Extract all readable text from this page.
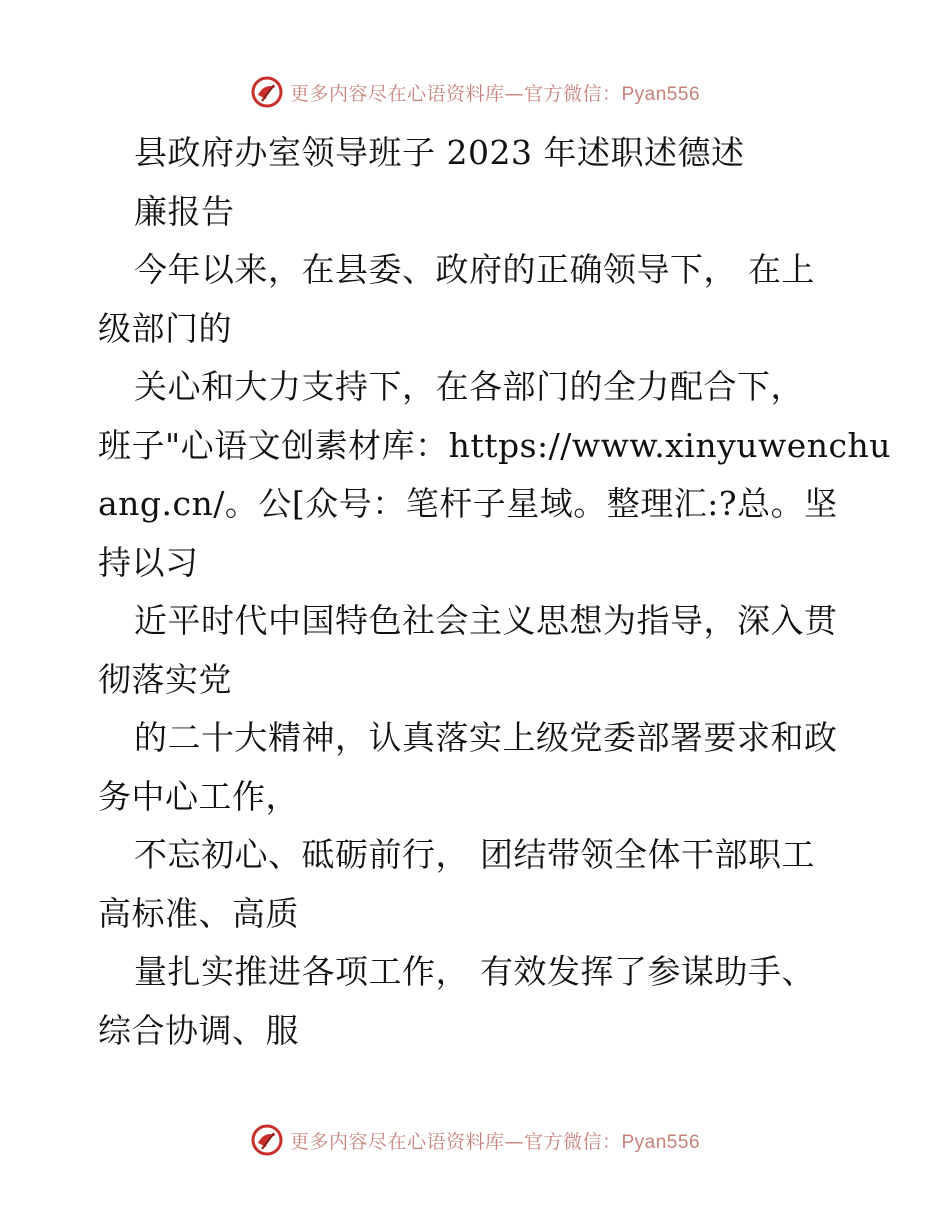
更多内容尽在心语资料库—官方微信：Pyan556
县政府办室领导班子 2023 年述职述德述
廉报告
今年以来，在县委、政府的正确领导下， 在上
级部门的
关心和大力支持下，在各部门的全力配合下，
班子"心语文创素材库：https://www.xinyuwenchu
ang.cn/。公[众号：笔杆子星域。整理汇:?总。坚
持以习
近平时代中国特色社会主义思想为指导，深入贯
彻落实党
的二十大精神，认真落实上级党委部署要求和政
务中心工作，
不忘初心、砥砺前行， 团结带领全体干部职工
高标准、高质
量扎实推进各项工作， 有效发挥了参谋助手、
综合协调、服
更多内容尽在心语资料库—官方微信：Pyan556
